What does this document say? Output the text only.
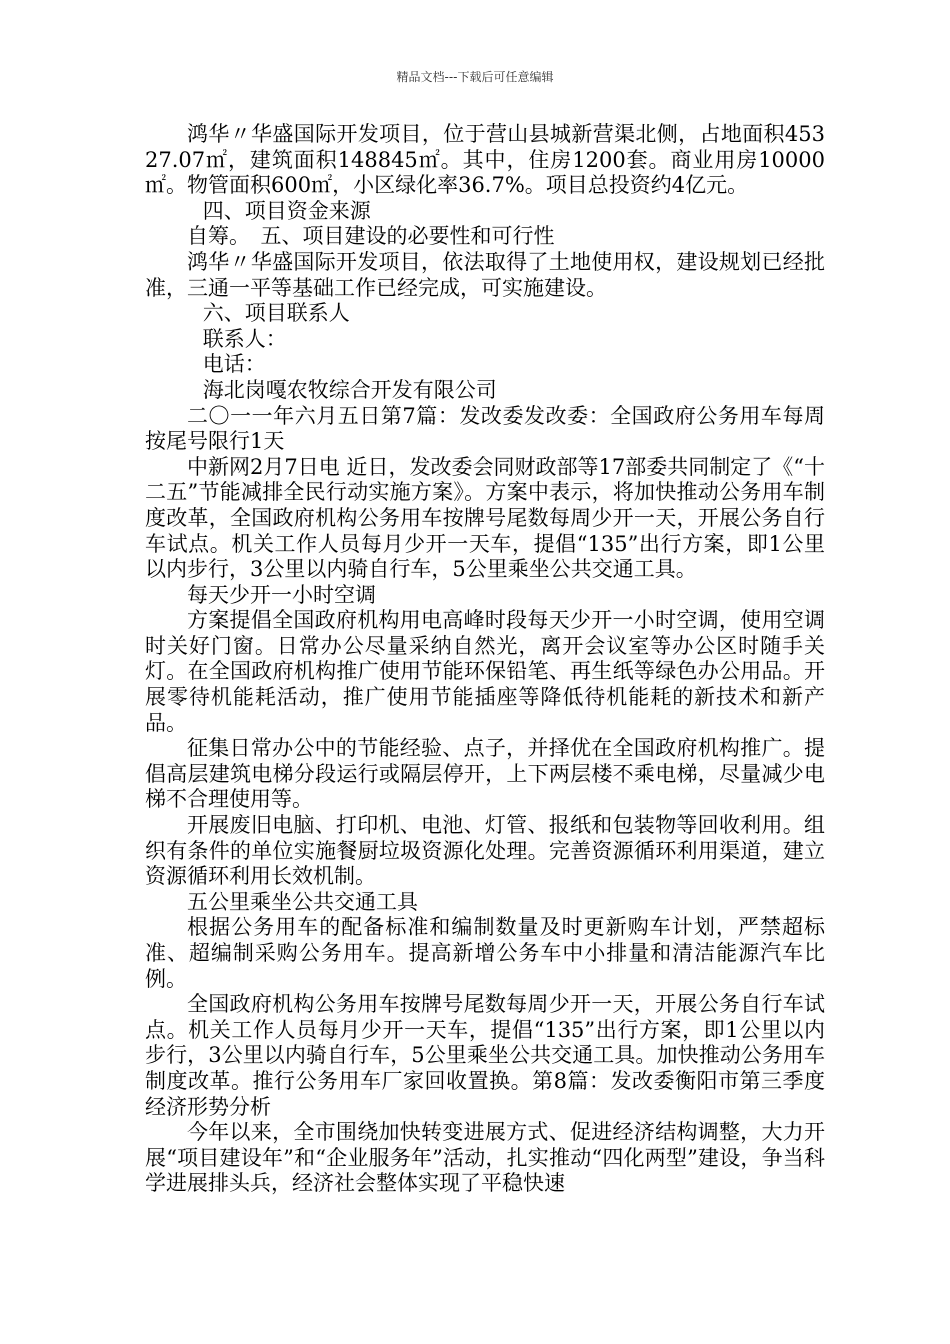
精品文档---下载后可任意编辑

鸿华〃华盛国际开发项目，位于营山县城新营渠北侧，占地面积45327.07㎡，建筑面积148845㎡。其中，住房1200套。商业用房10000㎡。物管面积600㎡，小区绿化率36.7%。项目总投资约4亿元。

四、项目资金来源

自筹。　五、项目建设的必要性和可行性

鸿华〃华盛国际开发项目，依法取得了土地使用权，建设规划已经批准，三通一平等基础工作已经完成，可实施建设。

六、项目联系人

联系人：

电话：

海北岗嘎农牧综合开发有限公司

二〇一一年六月五日第7篇：发改委发改委：全国政府公务用车每周按尾号限行1天

中新网2月7日电 近日，发改委会同财政部等17部委共同制定了《“十二五”节能减排全民行动实施方案》。方案中表示，将加快推动公务用车制度改革，全国政府机构公务用车按牌号尾数每周少开一天，开展公务自行车试点。机关工作人员每月少开一天车，提倡“135”出行方案，即1公里以内步行，3公里以内骑自行车，5公里乘坐公共交通工具。

每天少开一小时空调

方案提倡全国政府机构用电高峰时段每天少开一小时空调，使用空调时关好门窗。日常办公尽量采纳自然光，离开会议室等办公区时随手关灯。在全国政府机构推广使用节能环保铅笔、再生纸等绿色办公用品。开展零待机能耗活动，推广使用节能插座等降低待机能耗的新技术和新产品。

征集日常办公中的节能经验、点子，并择优在全国政府机构推广。提倡高层建筑电梯分段运行或隔层停开，上下两层楼不乘电梯，尽量减少电梯不合理使用等。

开展废旧电脑、打印机、电池、灯管、报纸和包装物等回收利用。组织有条件的单位实施餐厨垃圾资源化处理。完善资源循环利用渠道，建立资源循环利用长效机制。

五公里乘坐公共交通工具

根据公务用车的配备标准和编制数量及时更新购车计划，严禁超标准、超编制采购公务用车。提高新增公务车中小排量和清洁能源汽车比例。

全国政府机构公务用车按牌号尾数每周少开一天，开展公务自行车试点。机关工作人员每月少开一天车，提倡“135”出行方案，即1公里以内步行，3公里以内骑自行车，5公里乘坐公共交通工具。加快推动公务用车制度改革。推行公务用车厂家回收置换。第8篇：发改委衡阳市第三季度经济形势分析

今年以来，全市围绕加快转变进展方式、促进经济结构调整，大力开展“项目建设年”和“企业服务年”活动，扎实推动“四化两型”建设，争当科学进展排头兵，经济社会整体实现了平稳快速
